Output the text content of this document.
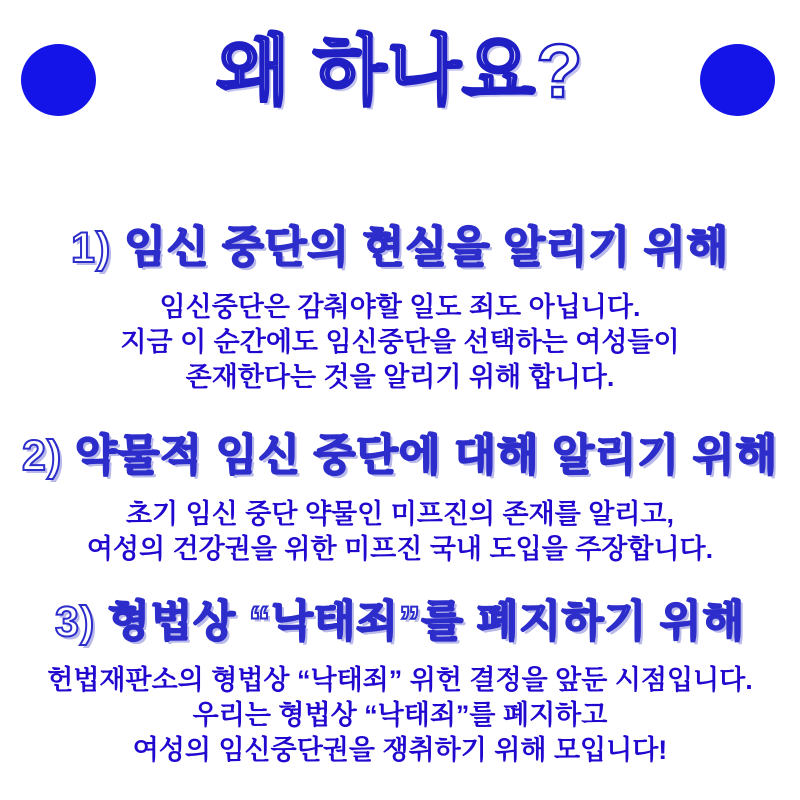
왜 하나요?
1) 임신 중단의 현실을 알리기 위해
임신중단은 감춰야할 일도 죄도 아닙니다.
지금 이 순간에도 임신중단을 선택하는 여성들이
존재한다는 것을 알리기 위해 합니다.
2) 약물적 임신 중단에 대해 알리기 위해
초기 임신 중단 약물인 미프진의 존재를 알리고,
여성의 건강권을 위한 미프진 국내 도입을 주장합니다.
3) 형법상 “낙태죄”를 폐지하기 위해
헌법재판소의 형법상 “낙태죄” 위헌 결정을 앞둔 시점입니다.
우리는 형법상 “낙태죄”를 폐지하고
여성의 임신중단권을 쟁취하기 위해 모입니다!
